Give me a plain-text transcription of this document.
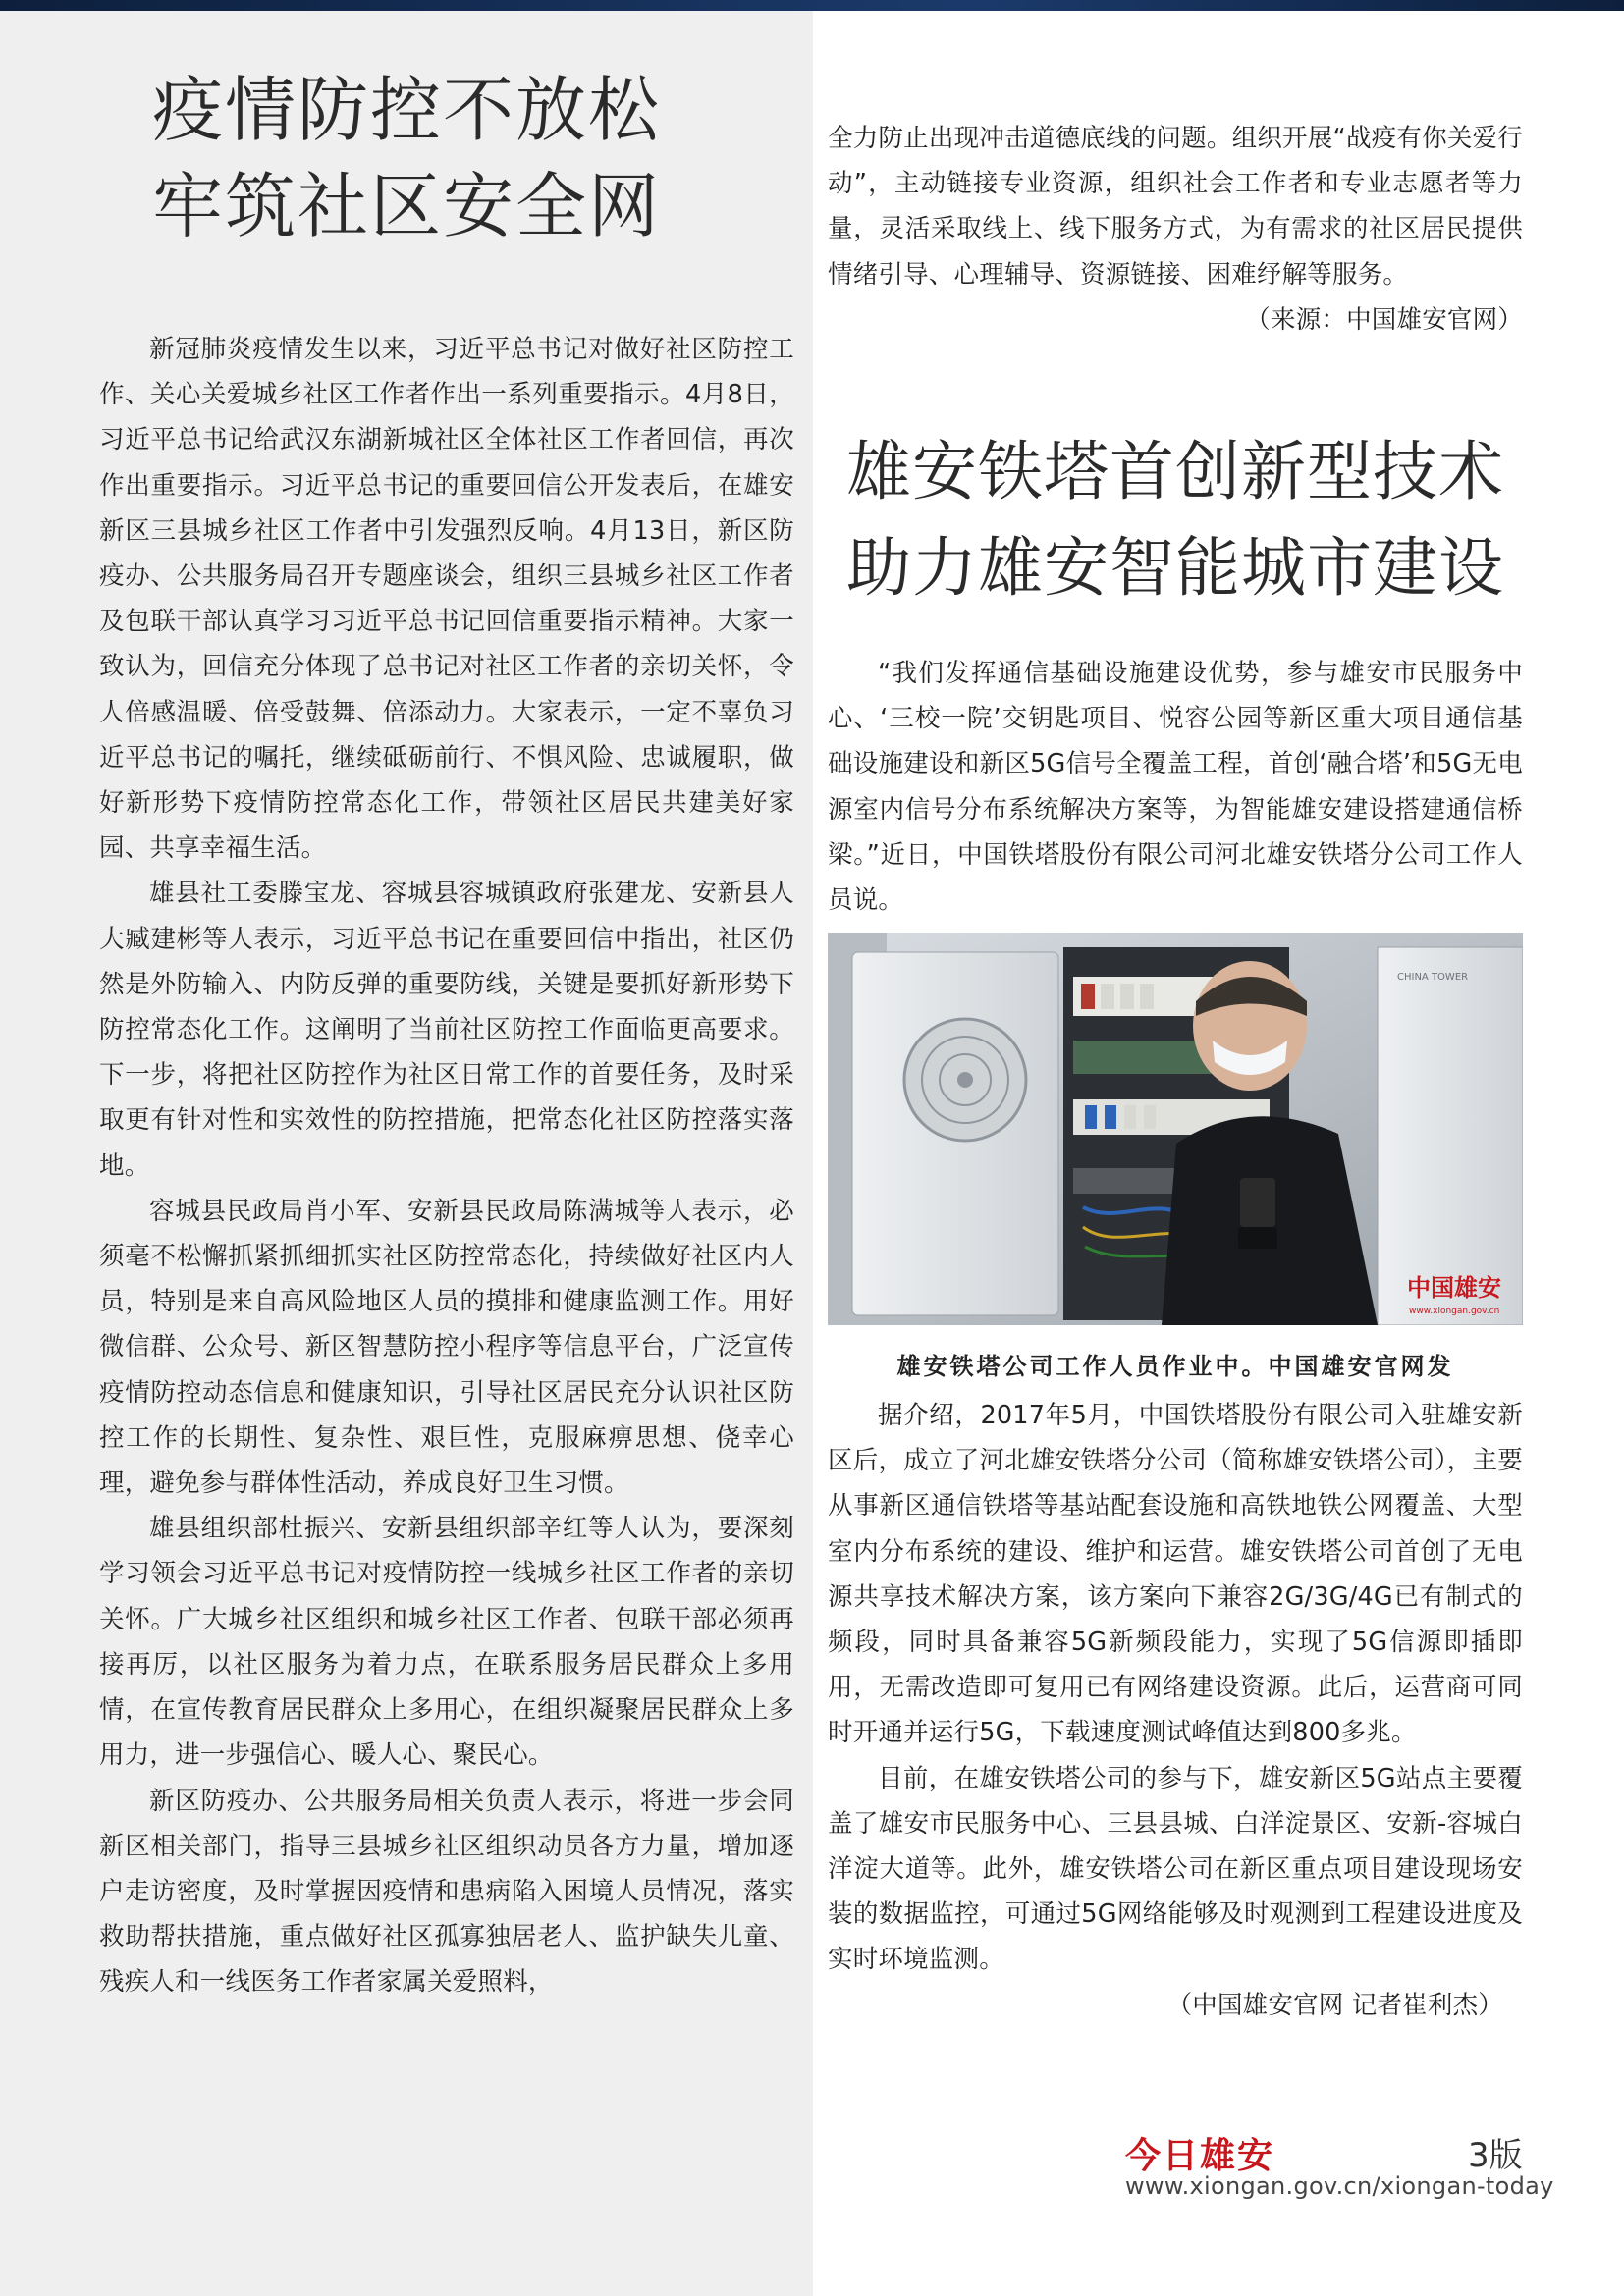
疫情防控不放松
牢筑社区安全网

新冠肺炎疫情发生以来，习近平总书记对做好社区防控工作、关心关爱城乡社区工作者作出一系列重要指示。4月8日，习近平总书记给武汉东湖新城社区全体社区工作者回信，再次作出重要指示。习近平总书记的重要回信公开发表后，在雄安新区三县城乡社区工作者中引发强烈反响。4月13日，新区防疫办、公共服务局召开专题座谈会，组织三县城乡社区工作者及包联干部认真学习习近平总书记回信重要指示精神。大家一致认为，回信充分体现了总书记对社区工作者的亲切关怀，令人倍感温暖、倍受鼓舞、倍添动力。大家表示，一定不辜负习近平总书记的嘱托，继续砥砺前行、不惧风险、忠诚履职，做好新形势下疫情防控常态化工作，带领社区居民共建美好家园、共享幸福生活。

雄县社工委滕宝龙、容城县容城镇政府张建龙、安新县人大臧建彬等人表示，习近平总书记在重要回信中指出，社区仍然是外防输入、内防反弹的重要防线，关键是要抓好新形势下防控常态化工作。这阐明了当前社区防控工作面临更高要求。下一步，将把社区防控作为社区日常工作的首要任务，及时采取更有针对性和实效性的防控措施，把常态化社区防控落实落地。

容城县民政局肖小军、安新县民政局陈满城等人表示，必须毫不松懈抓紧抓细抓实社区防控常态化，持续做好社区内人员，特别是来自高风险地区人员的摸排和健康监测工作。用好微信群、公众号、新区智慧防控小程序等信息平台，广泛宣传疫情防控动态信息和健康知识，引导社区居民充分认识社区防控工作的长期性、复杂性、艰巨性，克服麻痹思想、侥幸心理，避免参与群体性活动，养成良好卫生习惯。

雄县组织部杜振兴、安新县组织部辛红等人认为，要深刻学习领会习近平总书记对疫情防控一线城乡社区工作者的亲切关怀。广大城乡社区组织和城乡社区工作者、包联干部必须再接再厉，以社区服务为着力点，在联系服务居民群众上多用情，在宣传教育居民群众上多用心，在组织凝聚居民群众上多用力，进一步强信心、暖人心、聚民心。

新区防疫办、公共服务局相关负责人表示，将进一步会同新区相关部门，指导三县城乡社区组织动员各方力量，增加逐户走访密度，及时掌握因疫情和患病陷入困境人员情况，落实救助帮扶措施，重点做好社区孤寡独居老人、监护缺失儿童、残疾人和一线医务工作者家属关爱照料，

全力防止出现冲击道德底线的问题。组织开展“战疫有你关爱行动”，主动链接专业资源，组织社会工作者和专业志愿者等力量，灵活采取线上、线下服务方式，为有需求的社区居民提供情绪引导、心理辅导、资源链接、困难纾解等服务。

（来源：中国雄安官网）

雄安铁塔首创新型技术
助力雄安智能城市建设

“我们发挥通信基础设施建设优势，参与雄安市民服务中心、‘三校一院’交钥匙项目、悦容公园等新区重大项目通信基础设施建设和新区5G信号全覆盖工程，首创‘融合塔’和5G无电源室内信号分布系统解决方案等，为智能雄安建设搭建通信桥梁。”近日，中国铁塔股份有限公司河北雄安铁塔分公司工作人员说。

CHINA TOWER
中国雄安
www.xiongan.gov.cn
雄安铁塔公司工作人员作业中。中国雄安官网发

据介绍，2017年5月，中国铁塔股份有限公司入驻雄安新区后，成立了河北雄安铁塔分公司（简称雄安铁塔公司），主要从事新区通信铁塔等基站配套设施和高铁地铁公网覆盖、大型室内分布系统的建设、维护和运营。雄安铁塔公司首创了无电源共享技术解决方案，该方案向下兼容2G/3G/4G已有制式的频段，同时具备兼容5G新频段能力，实现了5G信源即插即用，无需改造即可复用已有网络建设资源。此后，运营商可同时开通并运行5G，下载速度测试峰值达到800多兆。

目前，在雄安铁塔公司的参与下，雄安新区5G站点主要覆盖了雄安市民服务中心、三县县城、白洋淀景区、安新-容城白洋淀大道等。此外，雄安铁塔公司在新区重点项目建设现场安装的数据监控，可通过5G网络能够及时观测到工程建设进度及实时环境监测。

（中国雄安官网 记者崔利杰）

今日雄安	3版
www.xiongan.gov.cn/xiongan-today
